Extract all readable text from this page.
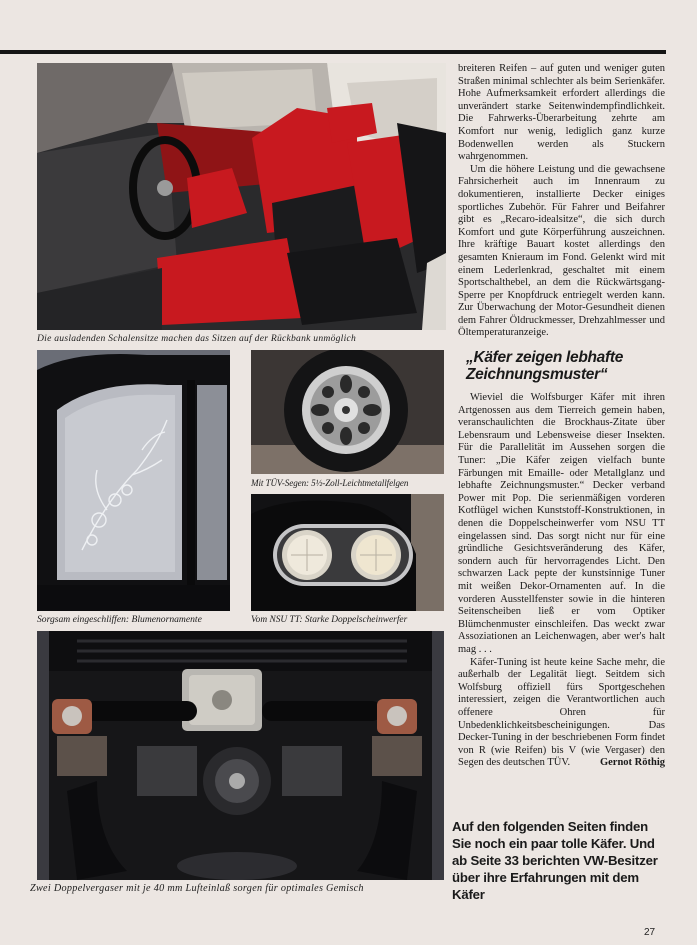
Die ausladenden Schalensitze machen das Sitzen auf der Rückbank unmöglich
Sorgsam eingeschliffen: Blumenornamente
Mit TÜV-Segen: 5½-Zoll-Leichtmetallfelgen
Vom NSU TT: Starke Doppelscheinwerfer
Zwei Doppelvergaser mit je 40 mm Lufteinlaß sorgen für optimales Gemisch

breiteren Reifen – auf guten und weniger guten Straßen minimal schlechter als beim Serienkäfer. Hohe Aufmerksamkeit erfordert allerdings die unverändert starke Seitenwindempfindlichkeit. Die Fahrwerks-Überarbeitung zehrte am Komfort nur wenig, lediglich ganz kurze Bodenwellen werden als Stuckern wahrgenommen.

Um die höhere Leistung und die gewachsene Fahrsicherheit auch im Innenraum zu dokumentieren, installierte Decker einiges sportliches Zubehör. Für Fahrer und Beifahrer gibt es „Recaro-idealsitze“, die sich durch Komfort und gute Körperführung auszeichnen. Ihre kräftige Bauart kostet allerdings den gesamten Knieraum im Fond. Gelenkt wird mit einem Lederlenkrad, geschaltet mit einem Sportschalthebel, an dem die Rückwärtsgang-Sperre per Knopfdruck entriegelt werden kann. Zur Überwachung der Motor-Gesundheit dienen dem Fahrer Öldruckmesser, Drehzahlmesser und Öltemperaturanzeige.

„Käfer zeigen lebhafte Zeichnungsmuster“

Wieviel die Wolfsburger Käfer mit ihren Artgenossen aus dem Tierreich gemein haben, veranschaulichten die Brockhaus-Zitate über Lebensraum und Lebensweise dieser Insekten. Für die Parallelität im Aussehen sorgen die Tuner: „Die Käfer zeigen vielfach bunte Färbungen mit Emaille- oder Metallglanz und lebhafte Zeichnungsmuster.“ Decker verband Power mit Pop. Die serienmäßigen vorderen Kotflügel wichen Kunststoff-Konstruktionen, in denen die Doppelscheinwerfer vom NSU TT eingelassen sind. Das sorgt nicht nur für eine gründliche Gesichtsveränderung des Käfer, sondern auch für hervorragendes Licht. Den schwarzen Lack pepte der kunstsinnige Tuner mit weißen Dekor-Ornamenten auf. In die vorderen Ausstellfenster sowie in die hinteren Seitenscheiben ließ er vom Optiker Blümchenmuster einschleifen. Das weckt zwar Assoziationen an Leichenwagen, aber wer's halt mag . . .

Käfer-Tuning ist heute keine Sache mehr, die außerhalb der Legalität liegt. Seitdem sich Wolfsburg offiziell fürs Sportgeschehen interessiert, zeigen die Verantwortlichen auch offenere Ohren für Unbedenklichkeitsbescheinigungen. Das Decker-Tuning in der beschriebenen Form findet von R (wie Reifen) bis V (wie Vergaser) den Segen des deutschen TÜV.	Gernot Röthig

Auf den folgenden Seiten finden Sie noch ein paar tolle Käfer. Und ab Seite 33 berichten VW-Besitzer über ihre Erfahrungen mit dem Käfer
27
